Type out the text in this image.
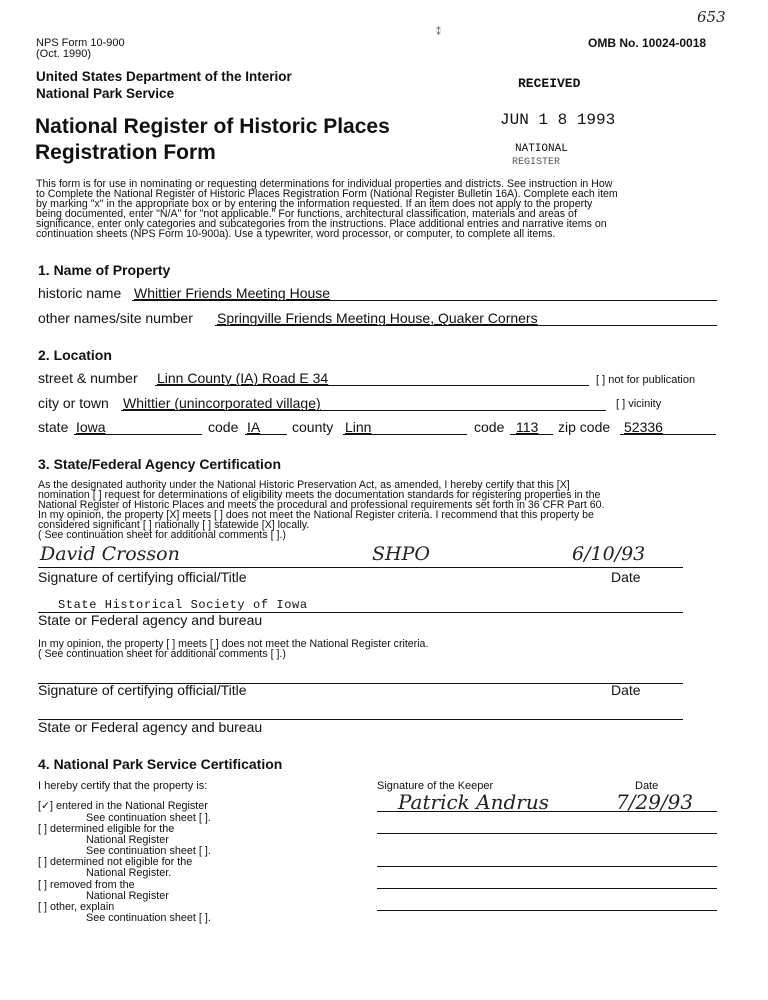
NPS Form 10-900
(Oct. 1990)
OMB No. 10024-0018
653
⁑
United States Department of the Interior
National Park Service
National Register of Historic Places
Registration Form
RECEIVED
JUN 1 8 1993
NATIONAL
REGISTER
This form is for use in nominating or requesting determinations for individual properties and districts. See instruction in How
to Complete the National Register of Historic Places Registration Form (National Register Bulletin 16A). Complete each item
by marking "x" in the appropriate box or by entering the information requested. If an item does not apply to the property
being documented, enter "N/A" for "not applicable." For functions, architectural classification, materials and areas of
significance, enter only categories and subcategories from the instructions. Place additional entries and narrative items on
continuation sheets (NPS Form 10-900a). Use a typewriter, word processor, or computer, to complete all items.
1. Name of Property
historic name Whittier Friends Meeting House
other names/site number Springville Friends Meeting House, Quaker Corners
2. Location
street & number Linn County (IA) Road E 34	[ ] not for publication
city or town Whittier (unincorporated village)	[ ] vicinity
state Iowa	code IA county Linn	code 113 zip code 52336
3. State/Federal Agency Certification
As the designated authority under the National Historic Preservation Act, as amended, I hereby certify that this [X]
nomination [ ] request for determinations of eligibility meets the documentation standards for registering properties in the
National Register of Historic Places and meets the procedural and professional requirements set forth in 36 CFR Part 60.
In my opinion, the property [X] meets [ ] does not meet the National Register criteria. I recommend that this property be
considered significant [ ] nationally [ ] statewide [X] locally.
( See continuation sheet for additional comments [ ].)
David Crosson	SHPO	6/10/93
Signature of certifying official/Title	Date
State Historical Society of Iowa
State or Federal agency and bureau
In my opinion, the property [ ] meets [ ] does not meet the National Register criteria.
( See continuation sheet for additional comments [ ].)
Signature of certifying official/Title	Date
State or Federal agency and bureau
4. National Park Service Certification
I hereby certify that the property is:	Signature of the Keeper	Date
Patrick Andrus	7/29/93
[✓] entered in the National Register
See continuation sheet [ ].
[ ] determined eligible for the
National Register
See continuation sheet [ ].
[ ] determined not eligible for the
National Register.
[ ] removed from the
National Register
[ ] other, explain
See continuation sheet [ ].
